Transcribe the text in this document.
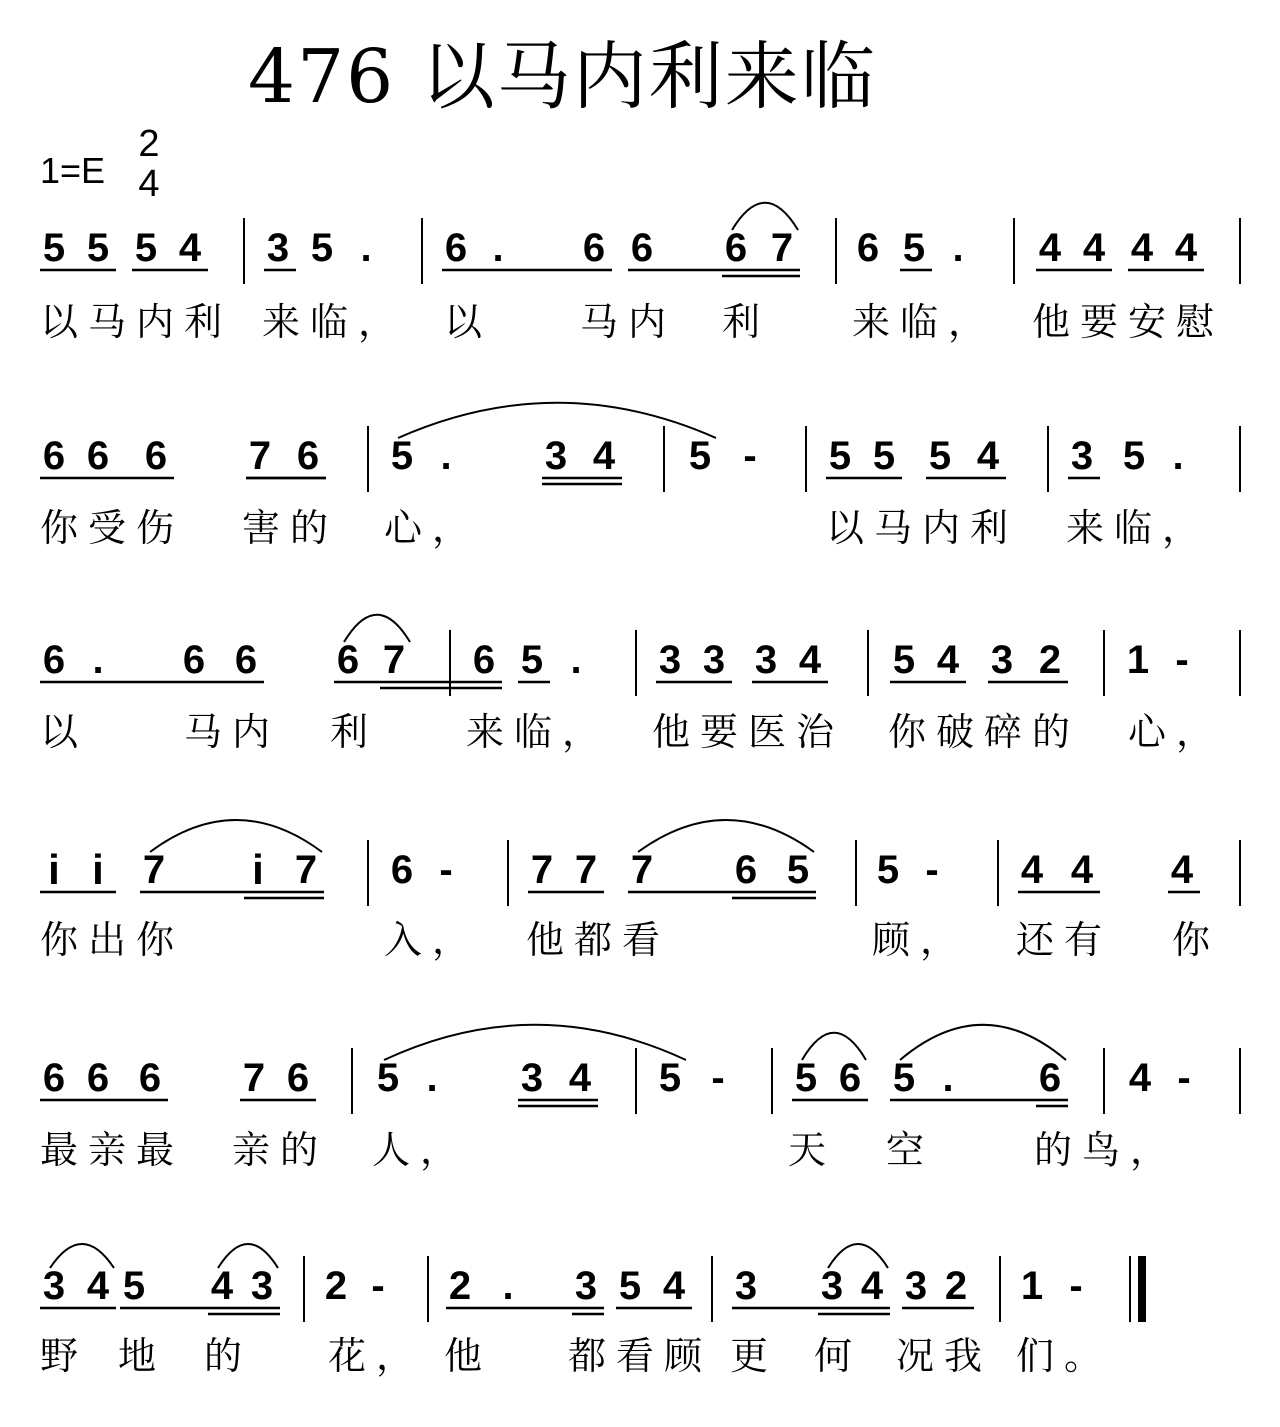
476 以马内利来临
1=E
2
4
5 5 5 4 3 5 . 6 . 6 6 6 7 6 5 . 4 4 4 4
以马内利 来临， 以 马内 利 来临， 他要安慰
6 6 6 7 6 5 . 3 4 5 - 5 5 5 4 3 5 .
你受伤 害的 心，	以马内利 来临，
6 . 6 6 6 7 6 5 . 3 3 3 4 5 4 3 2 1 -
以	马内 利 来临， 他要医治 你破碎的 心，
i i 7 i 7 6 - 7 7 7 6 5 5 - 4 4 4
你出你	入， 他都看	顾， 还有 你
6 6 6 7 6 5 . 3 4 5 - 5 6 5 . 6 4 -
最亲最 亲的 人，	天 空	的鸟，
3 4 5 4 3 2 - 2 . 3 5 4 3 3 4 3 2 1 -
野 地 的 花， 他 都看顾 更 何 况我 们。
